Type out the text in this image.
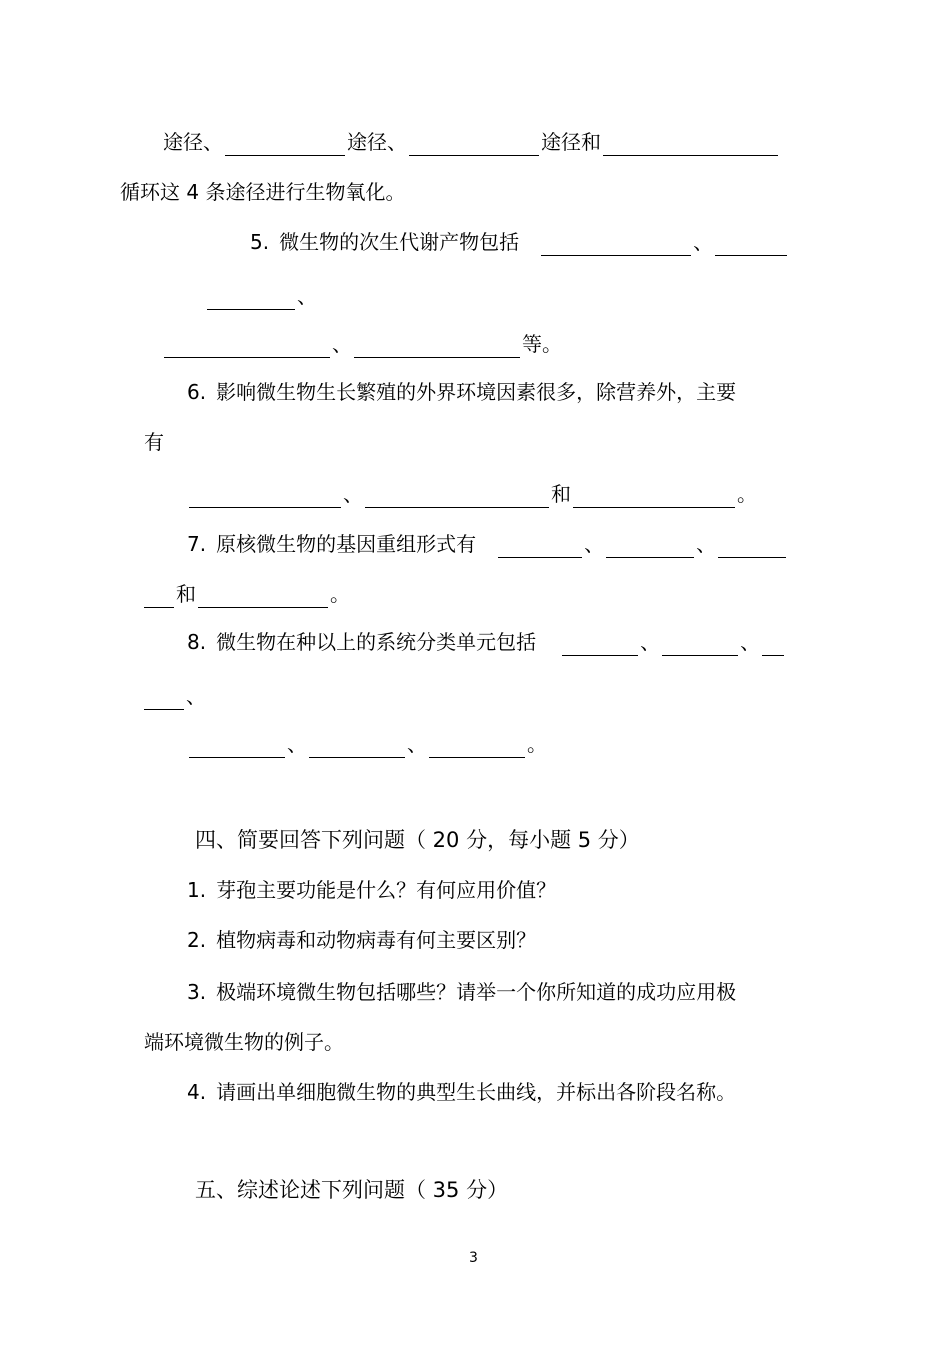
途径、	途径、	途径和
循环这 4 条途径进行生物氧化。
5. 微生物的次生代谢产物包括	、
、
、	等。
6. 影响微生物生长繁殖的外界环境因素很多，除营养外，主要
有
、	和	。
7. 原核微生物的基因重组形式有	、	、
和	。
8. 微生物在种以上的系统分类单元包括	、	、
、
、	、	。
四、简要回答下列问题（ 20 分，每小题 5 分）
1. 芽孢主要功能是什么？有何应用价值？
2. 植物病毒和动物病毒有何主要区别？
3. 极端环境微生物包括哪些？请举一个你所知道的成功应用极
端环境微生物的例子。
4. 请画出单细胞微生物的典型生长曲线，并标出各阶段名称。
五、综述论述下列问题（ 35 分）
3
